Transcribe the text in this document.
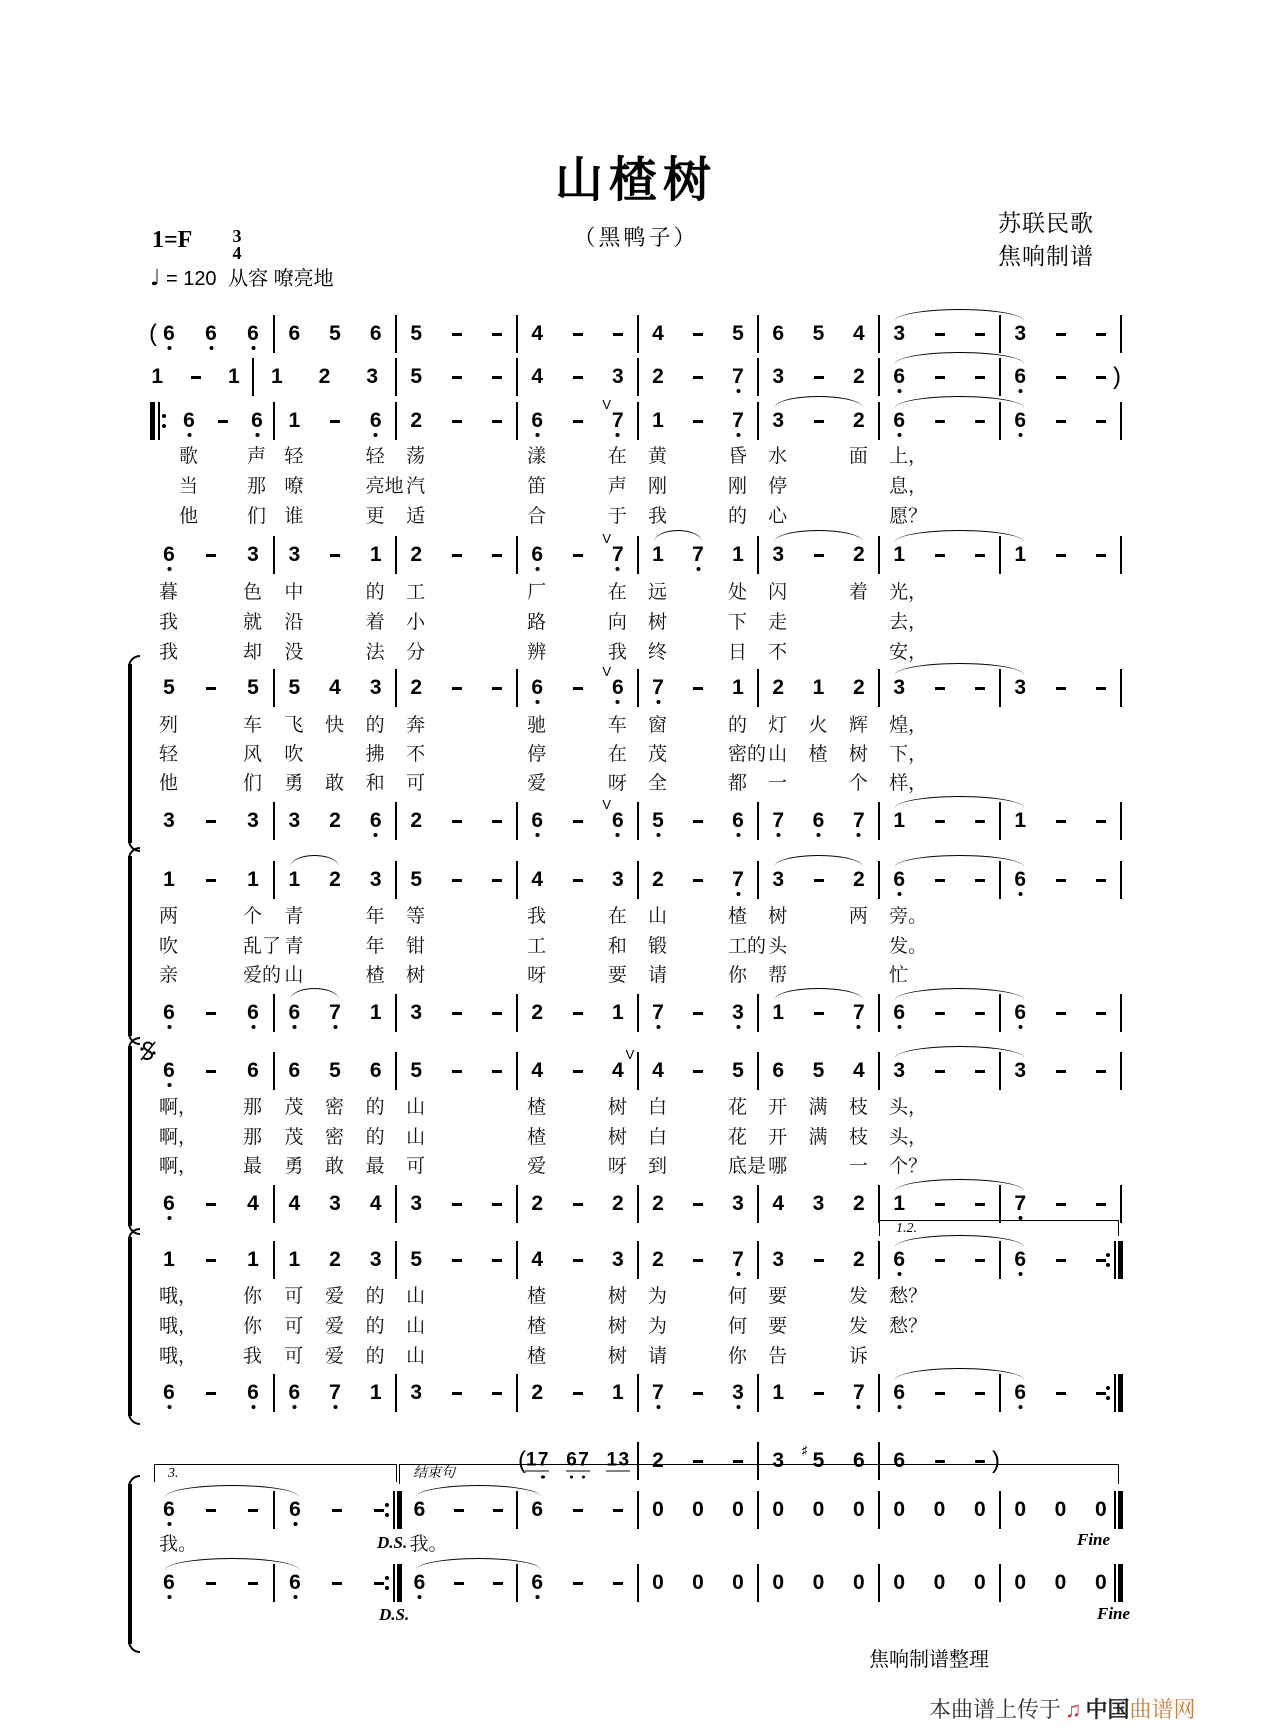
山楂树
（黑鸭子）
1=F	3
4
♩ = 120 从容 嘹亮地
苏联民歌
焦响制谱
6 6 6 6 5 6 5	4	4	5 6 5 4 3	3
(
1	1 1 2 3 5	4	3 2	7 3	2 6	6	)
6	6 1	6 2	6	7
V
1	7 3	2 6	6
歌	声 轻	轻 荡	漾	在 黄	昏 水	面 上，
当	那 嘹	亮地 汽	笛	声 刚	刚 停	息，
他	们 谁	更 适	合	于 我	的 心	愿？
6	3 3	1 2	6	7
V
1 7 1 3	2 1	1
暮	色 中	的 工	厂	在 远	处 闪	着 光，
我	就 沿	着 小	路	向 树	下 走	去，
我	却 没	法 分	辨	我 终	日 不	安，
5	5 5 4 3 2	6	6
V
7	1 2 1 2 3	3
列	车 飞 快 的 奔	驰	车 窗	的 灯 火 辉 煌，
轻	风 吹	拂 不	停	在 茂	密的 山 楂 树 下，
他	们 勇 敢 和 可	爱	呀 全	都 一	个 样，
3	3 3 2 6 2	6	6
V
5	6 7 6 7 1	1
1	1 1 2 3 5	4	3 2	7 3	2 6	6
两	个 青	年 等	我	在 山	楂 树	两 旁。
吹	乱了 青	年 钳	工	和 锻	工的 头	发。
亲	爱的 山	楂 树	呀	要 请	你 帮	忙
6	6 6 7 1 3	2	1 7	3 1	7 6	6
6	6 6 5 6 5	4	4
V
4	5 6 5 4 3	3
啊， 那 茂 密 的 山	楂	树 白	花 开 满 枝 头，
啊， 那 茂 密 的 山	楂	树 白	花 开 满 枝 头，
啊， 最 勇 敢 最 可	爱	呀 到	底是 哪	一 个？
6	4 4 3 4 3	2	2 2	3 4 3 2 1	7
1.2.
1	1 1 2 3 5	4	3 2	7 3	2 6	6
哦， 你 可 爱 的 山	楂	树 为	何 要	发 愁？
哦， 你 可 爱 的 山	楂	树 为	何 要	发 愁？
哦， 我 可 爱 的 山	楂	树 请	你 告	诉
6	6 6 7 1 3	2	1 7	3 1	7 6	6
1 7 6 7 1 3 2	3 5
♯ 6 6
(	)
3.	结束句
6	6	6	6	0 0 0 0 0 0 0 0 0 0 0 0
我。	我。
D.S.	Fine
6	6	6	6	0 0 0 0 0 0 0 0 0 0 0 0
D.S.	Fine
焦响制谱整理
本曲谱上传于 ♫ 中国曲谱网
